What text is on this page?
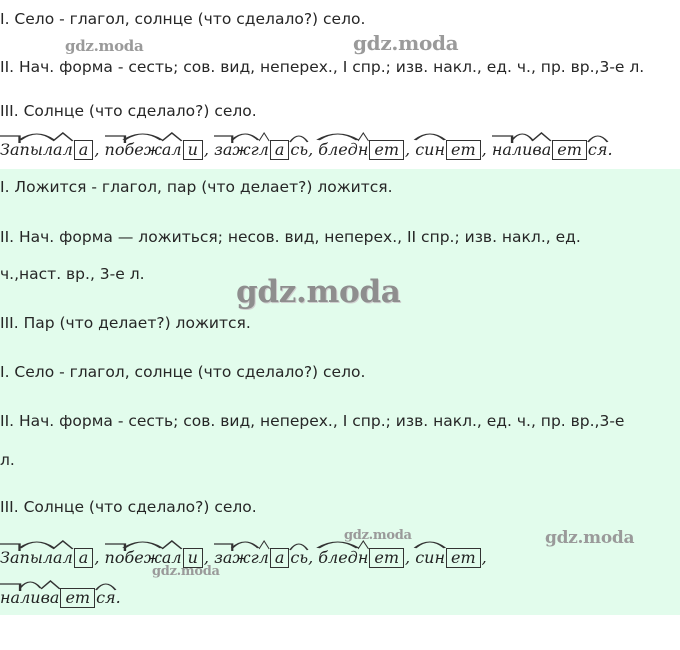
I. Село - глагол, солнце (что сделало?) село.
gdz.moda	gdz.moda
II. Нач. форма - сесть; сов. вид, неперех., I спр.; изв. накл., ед. ч., пр. вр.,3-е л.
III. Солнце (что сделало?) село.
За
пыл
ал а , по
беж
ал и , за
жг
л а сь
, блед
н ет , син ет , на
ли
ва ет ся
.
I. Ложится - глагол, пар (что делает?) ложится.
II. Нач. форма — ложиться; несов. вид, неперех., II спр.; изв. накл., ед.
ч.,наст. вр., 3-е л.	gdz.moda
III. Пар (что делает?) ложится.
I. Село - глагол, солнце (что сделало?) село.
II. Нач. форма - сесть; сов. вид, неперех., I спр.; изв. накл., ед. ч., пр. вр.,3-е
л.
III. Солнце (что сделало?) село.
gdz.moda	gdz.moda
За
пыл
ал а , по
беж
ал и , за
жг
л а сь
, блед
н ет , син ет ,
gdz.moda
на
ли
ва ет ся
.
